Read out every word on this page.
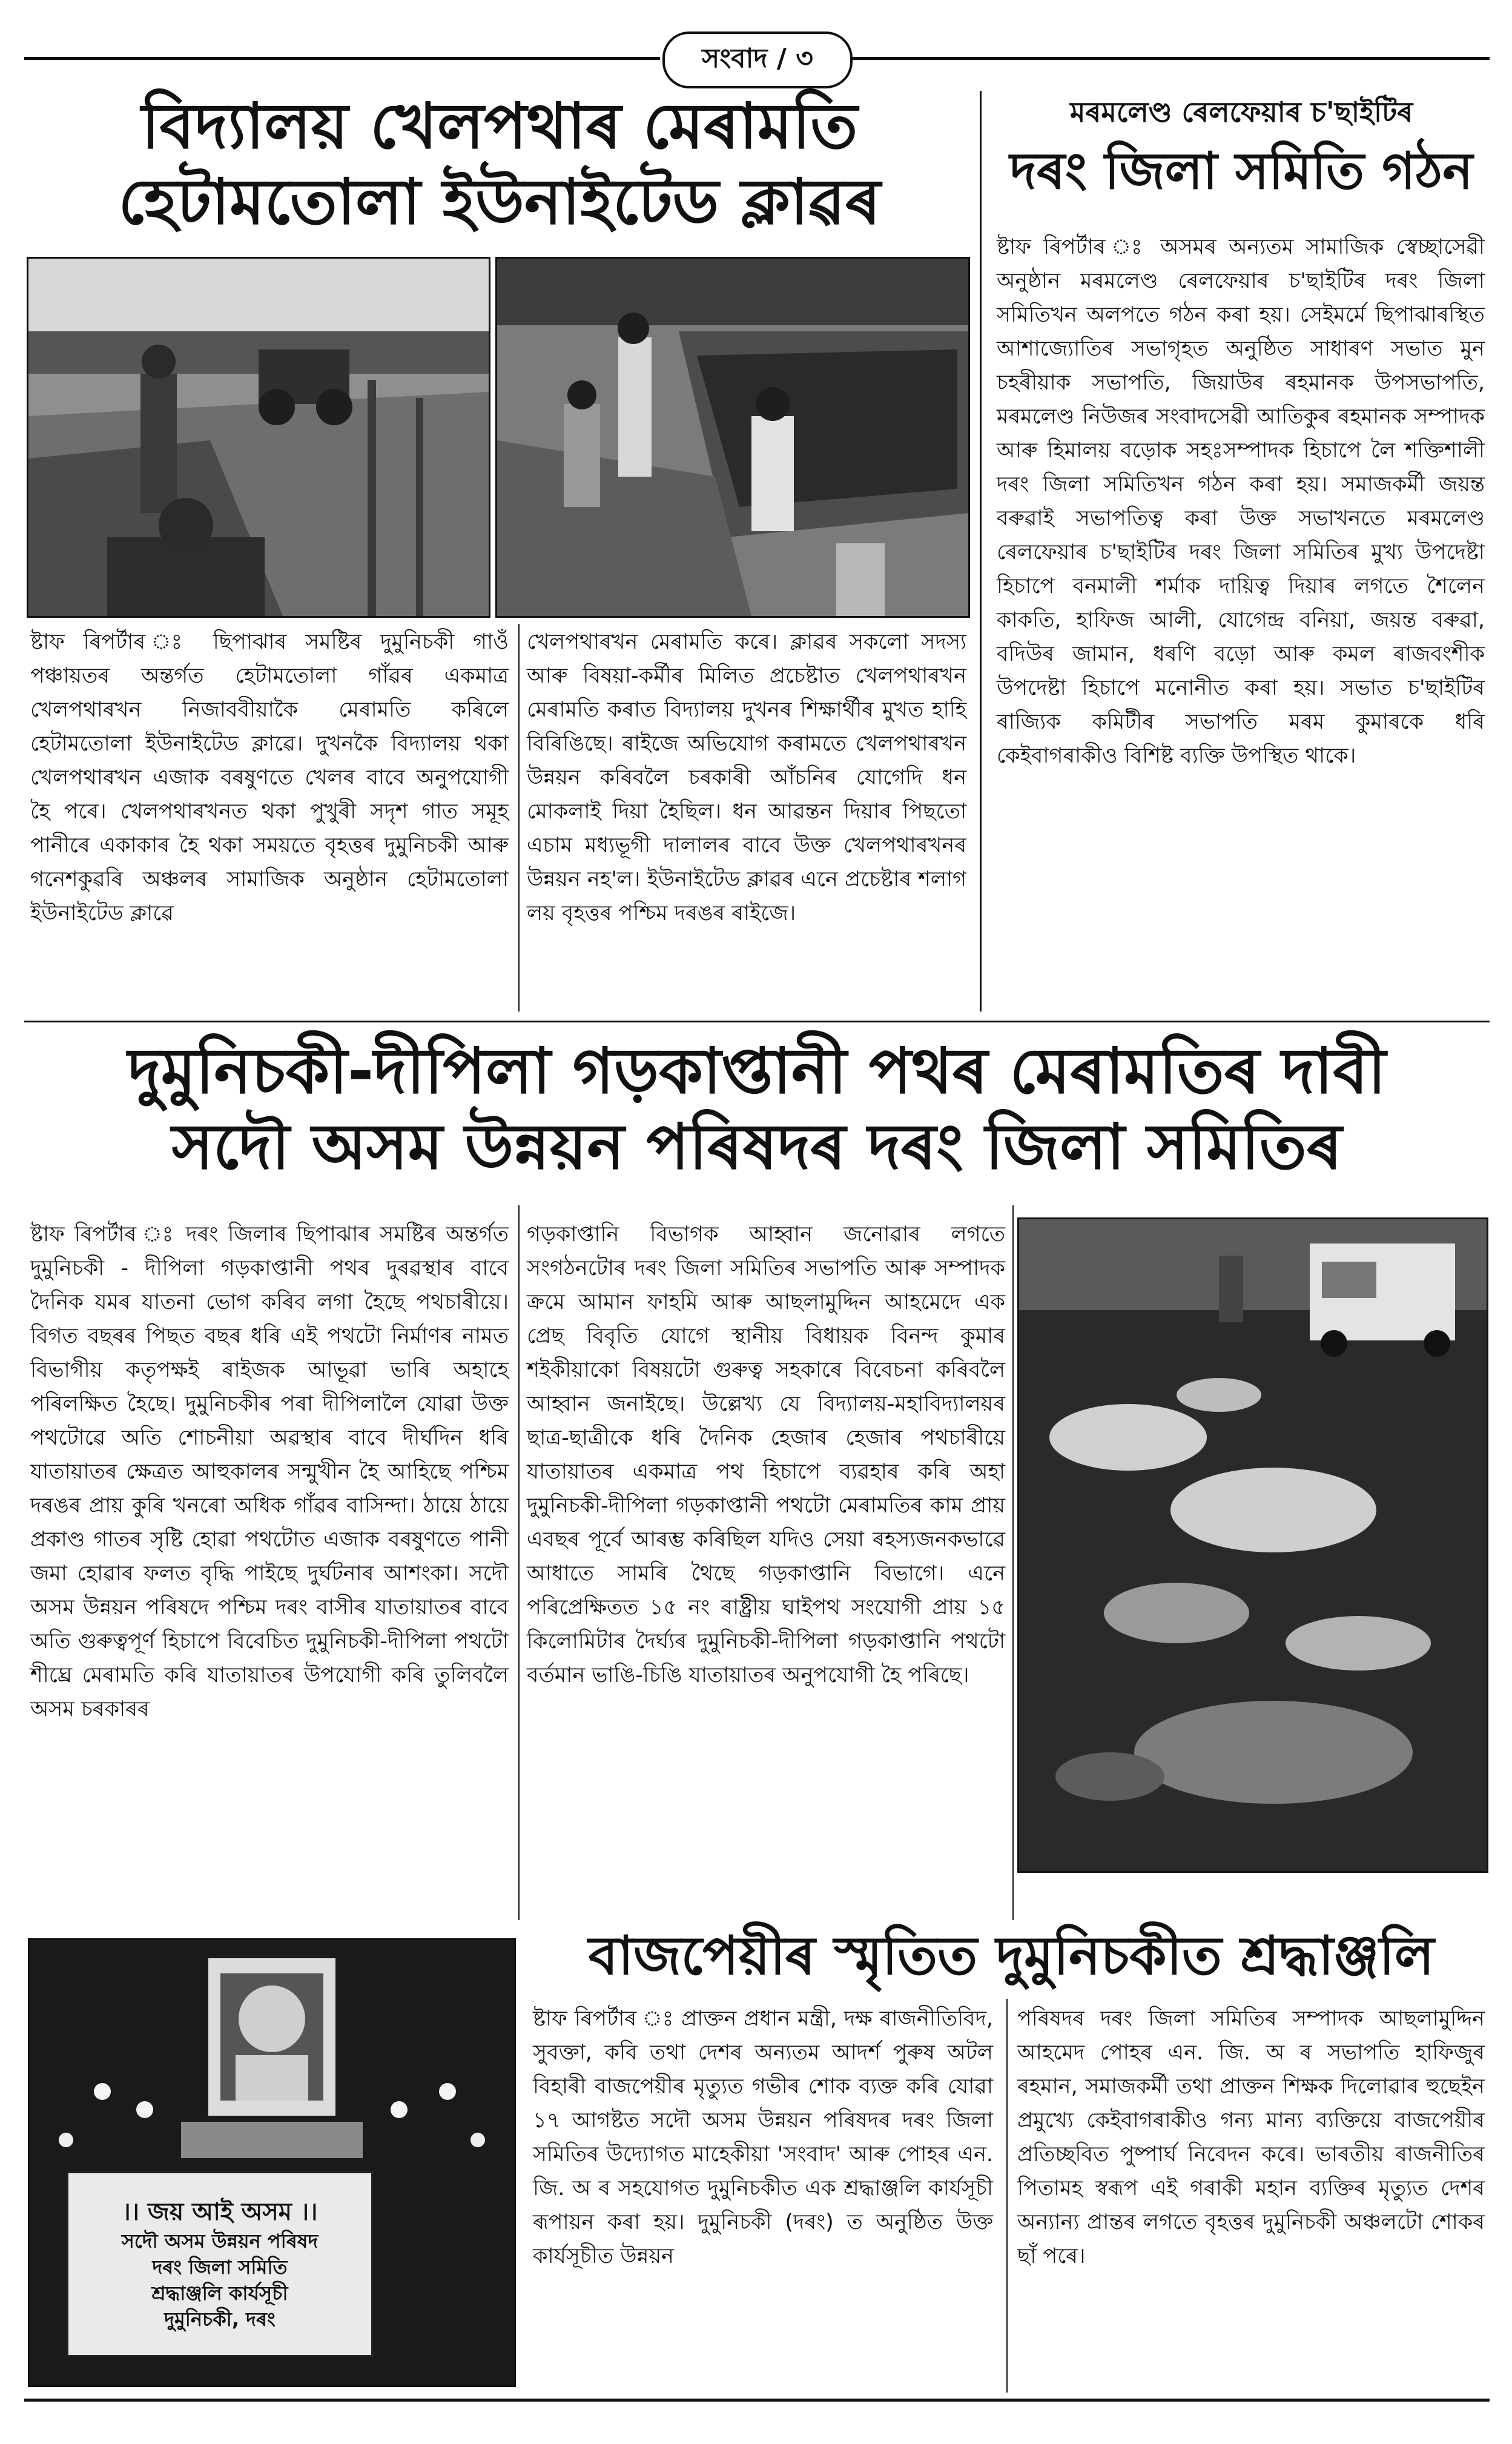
সংবাদ / ৩
বিদ্যালয় খেলপথাৰ মেৰামতি
হেটামতোলা ইউনাইটেড ক্লাৱৰ

ষ্টাফ ৰিপৰ্টাৰ ঃ ছিপাঝাৰ সমষ্টিৰ দুমুনিচকী গাওঁ পঞ্চায়তৰ অন্তৰ্গত হেটামতোলা গাঁৱৰ একমাত্ৰ খেলপথাৰখন নিজাববীয়াকৈ মেৰামতি কৰিলে হেটামতোলা ইউনাইটেড ক্লাৱে। দুখনকৈ বিদ্যালয় থকা খেলপথাৰখন এজাক বৰষুণতে খেলৰ বাবে অনুপযোগী হৈ পৰে। খেলপথাৰখনত থকা পুখুৰী সদৃশ গাত সমূহ পানীৰে একাকাৰ হৈ থকা সময়তে বৃহত্তৰ দুমুনিচকী আৰু গনেশকুৱৰি অঞ্চলৰ সামাজিক অনুষ্ঠান হেটামতোলা ইউনাইটেড ক্লাৱে

খেলপথাৰখন মেৰামতি কৰে। ক্লাৱৰ সকলো সদস্য আৰু বিষয়া-কৰ্মীৰ মিলিত প্ৰচেষ্টাত খেলপথাৰখন মেৰামতি কৰাত বিদ্যালয় দুখনৰ শিক্ষাৰ্থীৰ মুখত হাহি বিৰিঙিছে। ৰাইজে অভিযোগ কৰামতে খেলপথাৰখন উন্নয়ন কৰিবলৈ চৰকাৰী আঁচনিৰ যোগেদি ধন মোকলাই দিয়া হৈছিল। ধন আৱন্তন দিয়াৰ পিছতো এচাম মধ্যভূগী দালালৰ বাবে উক্ত খেলপথাৰখনৰ উন্নয়ন নহ'ল। ইউনাইটেড ক্লাৱৰ এনে প্ৰচেষ্টাৰ শলাগ লয় বৃহত্তৰ পশ্চিম দৰঙৰ ৰাইজে।

মৰমলেণ্ড ৰেলফেয়াৰ চ'ছাইটিৰ
দৰং জিলা সমিতি গঠন

ষ্টাফ ৰিপৰ্টাৰ ঃ অসমৰ অন্যতম সামাজিক স্বেচ্ছাসেৱী অনুষ্ঠান মৰমলেণ্ড ৰেলফেয়াৰ চ'ছাইটিৰ দৰং জিলা সমিতিখন অলপতে গঠন কৰা হয়। সেইমৰ্মে ছিপাঝাৰস্থিত আশাজ্যোতিৰ সভাগৃহত অনুষ্ঠিত সাধাৰণ সভাত মুন চহৰীয়াক সভাপতি, জিয়াউৰ ৰহমানক উপসভাপতি, মৰমলেণ্ড নিউজৰ সংবাদসেৱী আতিকুৰ ৰহমানক সম্পাদক আৰু হিমালয় বড়োক সহঃসম্পাদক হিচাপে লৈ শক্তিশালী দৰং জিলা সমিতিখন গঠন কৰা হয়। সমাজকৰ্মী জয়ন্ত বৰুৱাই সভাপতিত্ব কৰা উক্ত সভাখনতে মৰমলেণ্ড ৰেলফেয়াৰ চ'ছাইটিৰ দৰং জিলা সমিতিৰ মুখ্য উপদেষ্টা হিচাপে বনমালী শৰ্মাক দায়িত্ব দিয়াৰ লগতে শৈলেন কাকতি, হাফিজ আলী, যোগেন্দ্ৰ বনিয়া, জয়ন্ত বৰুৱা, বদিউৰ জামান, ধৰণি বড়ো আৰু কমল ৰাজবংশীক উপদেষ্টা হিচাপে মনোনীত কৰা হয়। সভাত চ'ছাইটিৰ ৰাজ্যিক কমিটীৰ সভাপতি মৰম কুমাৰকে ধৰি কেইবাগৰাকীও বিশিষ্ট ব্যক্তি উপস্থিত থাকে।

দুমুনিচকী-দীপিলা গড়কাপ্তানী পথৰ মেৰামতিৰ দাবী
সদৌ অসম উন্নয়ন পৰিষদৰ দৰং জিলা সমিতিৰ

ষ্টাফ ৰিপৰ্টাৰ ঃ দৰং জিলাৰ ছিপাঝাৰ সমষ্টিৰ অন্তৰ্গত দুমুনিচকী - দীপিলা গড়কাপ্তানী পথৰ দুৰৱস্থাৰ বাবে দৈনিক যমৰ যাতনা ভোগ কৰিব লগা হৈছে পথচাৰীয়ে। বিগত বছৰৰ পিছত বছৰ ধৰি এই পথটো নিৰ্মাণৰ নামত বিভাগীয় কতৃপক্ষই ৰাইজক আভূৱা ভাৰি অহাহে পৰিলক্ষিত হৈছে। দুমুনিচকীৰ পৰা দীপিলালৈ যোৱা উক্ত পথটোৱে অতি শোচনীয়া অৱস্থাৰ বাবে দীৰ্ঘদিন ধৰি যাতায়াতৰ ক্ষেত্ৰত আহুকালৰ সন্মুখীন হৈ আহিছে পশ্চিম দৰঙৰ প্ৰায় কুৰি খনৰো অধিক গাঁৱৰ বাসিন্দা। ঠায়ে ঠায়ে প্ৰকাণ্ড গাতৰ সৃষ্টি হোৱা পথটোত এজাক বৰষুণতে পানী জমা হোৱাৰ ফলত বৃদ্ধি পাইছে দুৰ্ঘটনাৰ আশংকা। সদৌ অসম উন্নয়ন পৰিষদে পশ্চিম দৰং বাসীৰ যাতায়াতৰ বাবে অতি গুৰুত্বপূৰ্ণ হিচাপে বিবেচিত দুমুনিচকী-দীপিলা পথটো শীঘ্ৰে মেৰামতি কৰি যাতায়াতৰ উপযোগী কৰি তুলিবলৈ অসম চৰকাৰৰ

গড়কাপ্তানি বিভাগক আহ্বান জনোৱাৰ লগতে সংগঠনটোৰ দৰং জিলা সমিতিৰ সভাপতি আৰু সম্পাদক ক্ৰমে আমান ফাহমি আৰু আছলামুদ্দিন আহমেদে এক প্ৰেছ বিবৃতি যোগে স্থানীয় বিধায়ক বিনন্দ কুমাৰ শইকীয়াকো বিষয়টো গুৰুত্ব সহকাৰে বিবেচনা কৰিবলৈ আহ্বান জনাইছে। উল্লেখ্য যে বিদ্যালয়-মহাবিদ্যালয়ৰ ছাত্ৰ-ছাত্ৰীকে ধৰি দৈনিক হেজাৰ হেজাৰ পথচাৰীয়ে যাতায়াতৰ একমাত্ৰ পথ হিচাপে ব্যৱহাৰ কৰি অহা দুমুনিচকী-দীপিলা গড়কাপ্তানী পথটো মেৰামতিৰ কাম প্ৰায় এবছৰ পূৰ্বে আৰম্ভ কৰিছিল যদিও সেয়া ৰহস্যজনকভাৱে আধাতে সামৰি থৈছে গড়কাপ্তানি বিভাগে। এনে পৰিপ্ৰেক্ষিতত ১৫ নং ৰাষ্ট্ৰীয় ঘাইপথ সংযোগী প্ৰায় ১৫ কিলোমিটাৰ দৈৰ্ঘ্যৰ দুমুনিচকী-দীপিলা গড়কাপ্তানি পথটো বৰ্তমান ভাঙি-চিঙি যাতায়াতৰ অনুপযোগী হৈ পৰিছে।

বাজপেয়ীৰ স্মৃতিত দুমুনিচকীত শ্ৰদ্ধাঞ্জলি
।। জয় আই অসম ।।
সদৌ অসম উন্নয়ন পৰিষদ
দৰং জিলা সমিতি
শ্ৰদ্ধাঞ্জলি কাৰ্যসূচী
দুমুনিচকী, দৰং

ষ্টাফ ৰিপৰ্টাৰ ঃ প্ৰাক্তন প্ৰধান মন্ত্ৰী, দক্ষ ৰাজনীতিবিদ, সুবক্তা, কবি তথা দেশৰ অন্যতম আদৰ্শ পুৰুষ অটল বিহাৰী বাজপেয়ীৰ মৃত্যুত গভীৰ শোক ব্যক্ত কৰি যোৱা ১৭ আগষ্টত সদৌ অসম উন্নয়ন পৰিষদৰ দৰং জিলা সমিতিৰ উদ্যোগত মাহেকীয়া 'সংবাদ' আৰু পোহৰ এন. জি. অ ৰ সহযোগত দুমুনিচকীত এক শ্ৰদ্ধাঞ্জলি কাৰ্যসূচী ৰূপায়ন কৰা হয়। দুমুনিচকী (দৰং) ত অনুষ্ঠিত উক্ত কাৰ্যসূচীত উন্নয়ন

পৰিষদৰ দৰং জিলা সমিতিৰ সম্পাদক আছলামুদ্দিন আহমেদ পোহৰ এন. জি. অ ৰ সভাপতি হাফিজুৰ ৰহমান, সমাজকৰ্মী তথা প্ৰাক্তন শিক্ষক দিলোৱাৰ হুছেইন প্ৰমুখ্যে কেইবাগৰাকীও গন্য মান্য ব্যক্তিয়ে বাজপেয়ীৰ প্ৰতিচ্ছবিত পুষ্পাৰ্ঘ নিবেদন কৰে। ভাৰতীয় ৰাজনীতিৰ পিতামহ স্বৰূপ এই গৰাকী মহান ব্যক্তিৰ মৃত্যুত দেশৰ অন্যান্য প্ৰান্তৰ লগতে বৃহত্তৰ দুমুনিচকী অঞ্চলটো শোকৰ ছাঁ পৰে।
